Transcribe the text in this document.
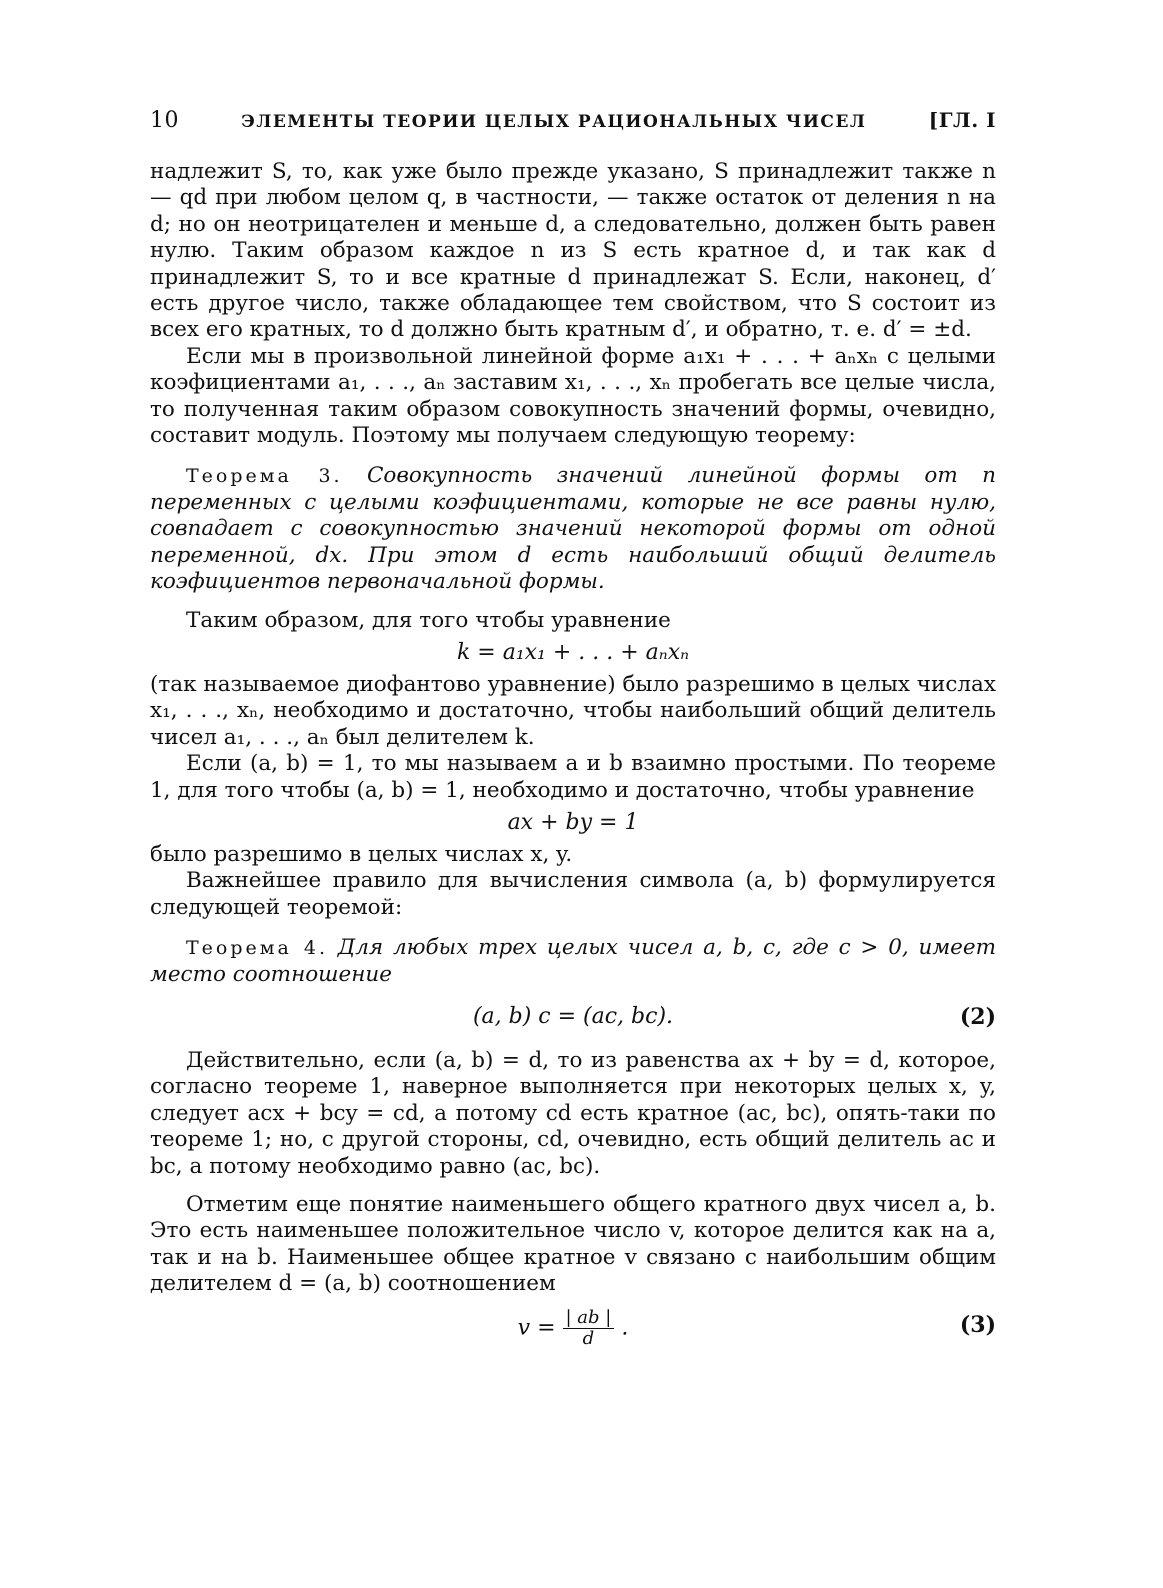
10	ЭЛЕМЕНТЫ ТЕОРИИ ЦЕЛЫХ РАЦИОНАЛЬНЫХ ЧИСЕЛ	[ГЛ. I

надлежит S, то, как уже было прежде указано, S принадлежит также n — qd при любом целом q, в частности, — также остаток от деления n на d; но он неотрицателен и меньше d, а следовательно, должен быть равен нулю. Таким образом каждое n из S есть кратное d, и так как d принадлежит S, то и все кратные d принадлежат S. Если, наконец, d′ есть другое число, также обладающее тем свойством, что S состоит из всех его кратных, то d должно быть кратным d′, и обратно, т. е. d′ = ±d.

Если мы в произвольной линейной форме a₁x₁ + . . . + aₙxₙ с целыми коэфициентами a₁, . . ., aₙ заставим x₁, . . ., xₙ пробегать все целые числа, то полученная таким образом совокупность значений формы, очевидно, составит модуль. Поэтому мы получаем следующую теорему:

Теорема 3. Совокупность значений линейной формы от n переменных с целыми коэфициентами, которые не все равны нулю, совпадает с совокупностью значений некоторой формы от одной переменной, dx. При этом d есть наибольший общий делитель коэфициентов первоначальной формы.

Таким образом, для того чтобы уравнение

k = a₁x₁ + . . . + aₙxₙ

(так называемое диофантово уравнение) было разрешимо в целых числах x₁, . . ., xₙ, необходимо и достаточно, чтобы наибольший общий делитель чисел a₁, . . ., aₙ был делителем k.

Если (a, b) = 1, то мы называем a и b взаимно простыми. По теореме 1, для того чтобы (a, b) = 1, необходимо и достаточно, чтобы уравнение

ax + by = 1

было разрешимо в целых числах x, y.

Важнейшее правило для вычисления символа (a, b) формулируется следующей теоремой:

Теорема 4. Для любых трех целых чисел a, b, c, где c > 0, имеет место соотношение

(a, b) c = (ac, bc).	(2)

Действительно, если (a, b) = d, то из равенства ax + by = d, которое, согласно теореме 1, наверное выполняется при некоторых целых x, y, следует acx + bcy = cd, а потому cd есть кратное (ac, bc), опять-таки по теореме 1; но, с другой стороны, cd, очевидно, есть общий делитель ac и bc, а потому необходимо равно (ac, bc).

Отметим еще понятие наименьшего общего кратного двух чисел a, b. Это есть наименьшее положительное число v, которое делится как на a, так и на b. Наименьшее общее кратное v связано с наибольшим общим делителем d = (a, b) соотношением

$v = \frac{| ab |}{d}$ .	(3)
